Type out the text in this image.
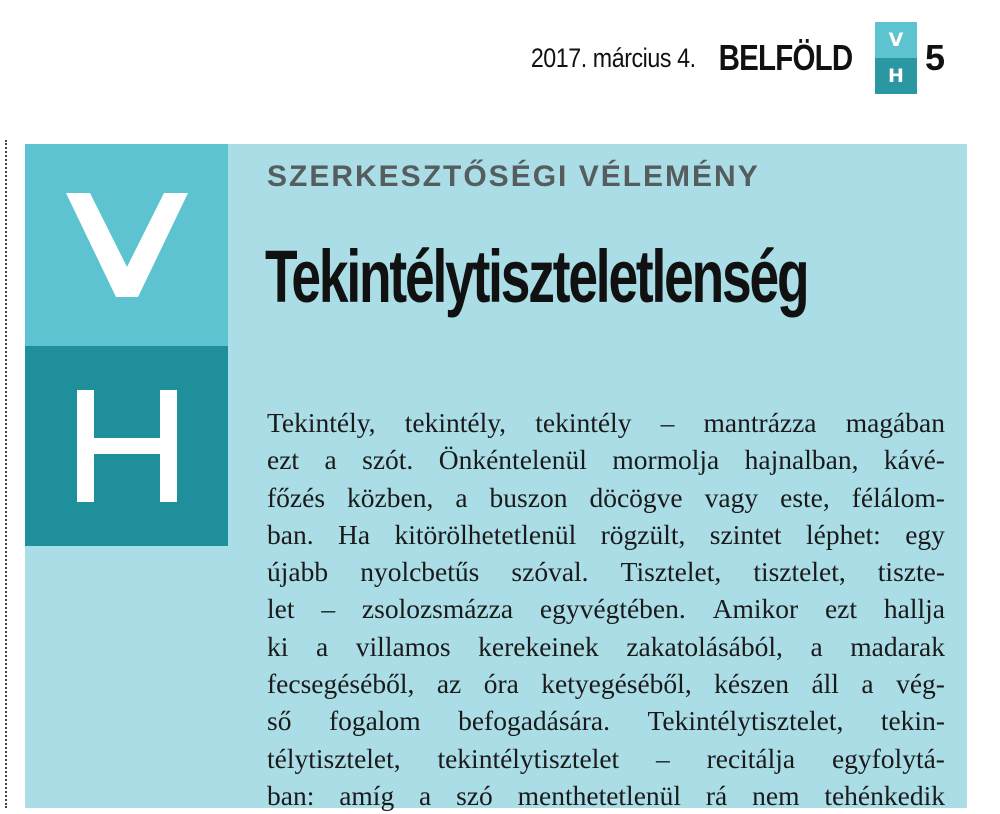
2017. március 4. BELFÖLD	V
H 5
SZERKESZTŐSÉGI VÉLEMÉNY
Tekintélytiszteletlenség
Tekintély, tekintély, tekintély – mantrázza magában
ezt a szót. Önkéntelenül mormolja hajnalban, kávé-
főzés közben, a buszon döcögve vagy este, félálom-
ban. Ha kitörölhetetlenül rögzült, szintet léphet: egy
újabb nyolcbetűs szóval. Tisztelet, tisztelet, tiszte-
let – zsolozsmázza egyvégtében. Amikor ezt hallja
ki a villamos kerekeinek zakatolásából, a madarak
fecsegéséből, az óra ketyegéséből, készen áll a vég-
ső fogalom befogadására. Tekintélytisztelet, tekin-
télytisztelet, tekintélytisztelet – recitálja egyfolytá-
ban: amíg a szó menthetetlenül rá nem tehénkedik
